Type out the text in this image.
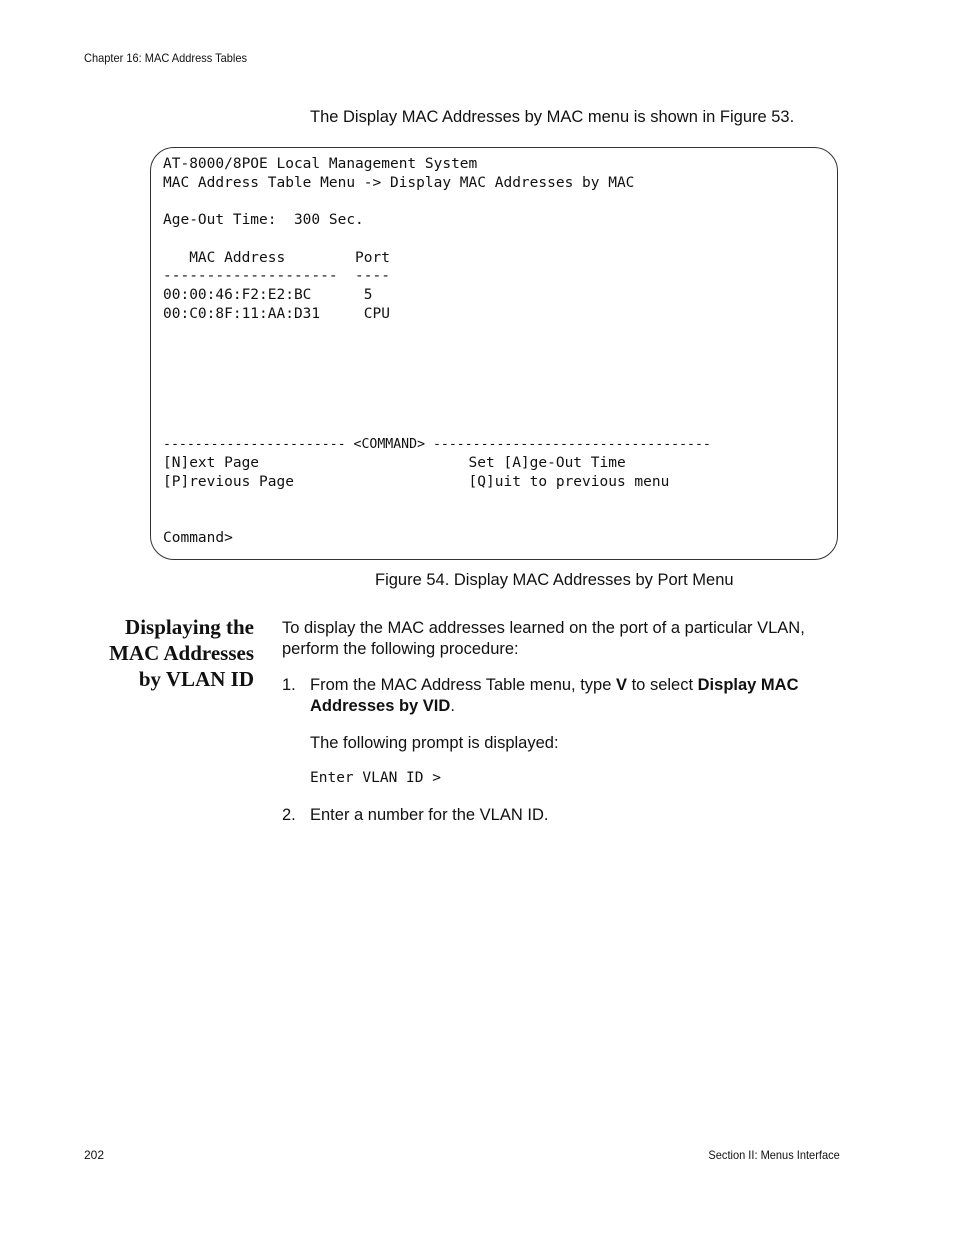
Chapter 16: MAC Address Tables
The Display MAC Addresses by MAC menu is shown in Figure 53.
AT-8000/8POE Local Management System
MAC Address Table Menu -> Display MAC Addresses by MAC
Age-Out Time:  300 Sec.
MAC Address        Port
--------------------  ----
00:00:46:F2:E2:BC      5
00:C0:8F:11:AA:D31     CPU
----------------------- <COMMAND> -----------------------------------
[N]ext Page                        Set [A]ge-Out Time
[P]revious Page                    [Q]uit to previous menu
Command>
Figure 54. Display MAC Addresses by Port Menu
Displaying the
MAC Addresses
by VLAN ID
To display the MAC addresses learned on the port of a particular VLAN, perform the following procedure:
1. From the MAC Address Table menu, type V to select Display MAC Addresses by VID.
The following prompt is displayed:
Enter VLAN ID >
2. Enter a number for the VLAN ID.
202	Section II: Menus Interface
